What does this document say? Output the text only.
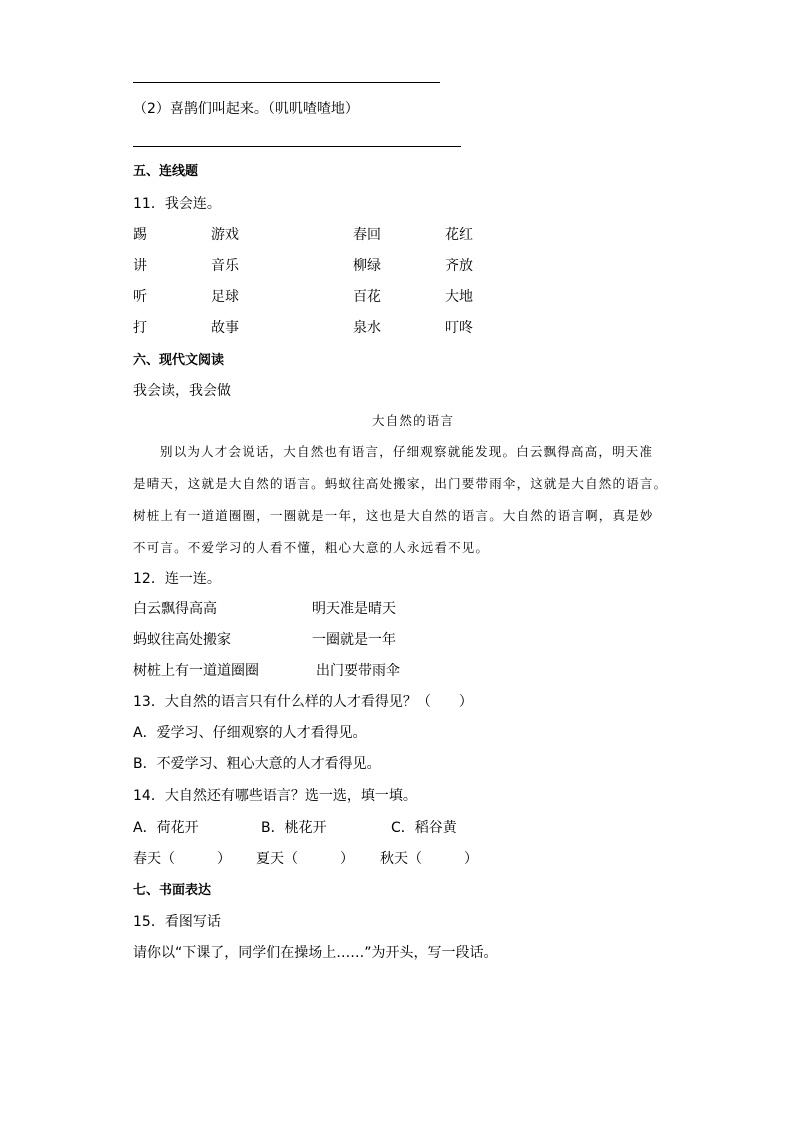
（2）喜鹊们叫起来。（叽叽喳喳地）
五、连线题
11．我会连。
踢	游戏	春回	花红
讲	音乐	柳绿	齐放
听	足球	百花	大地
打	故事	泉水	叮咚
六、现代文阅读
我会读，我会做
大自然的语言
别以为人才会说话，大自然也有语言，仔细观察就能发现。白云飘得高高，明天准
是晴天，这就是大自然的语言。蚂蚁往高处搬家，出门要带雨伞，这就是大自然的语言。
树桩上有一道道圈圈，一圈就是一年，这也是大自然的语言。大自然的语言啊，真是妙
不可言。不爱学习的人看不懂，粗心大意的人永远看不见。
12．连一连。
白云飘得高高	明天准是晴天
蚂蚁往高处搬家	一圈就是一年
树桩上有一道道圈圈	出门要带雨伞
13．大自然的语言只有什么样的人才看得见？（　　）
A．爱学习、仔细观察的人才看得见。
B．不爱学习、粗心大意的人才看得见。
14．大自然还有哪些语言？选一选，填一填。
A．荷花开	B．桃花开	C．稻谷黄
春天（　　　） 夏天（　　　） 秋天（　　　）
七、书面表达
15．看图写话
请你以“下课了，同学们在操场上……”为开头，写一段话。
